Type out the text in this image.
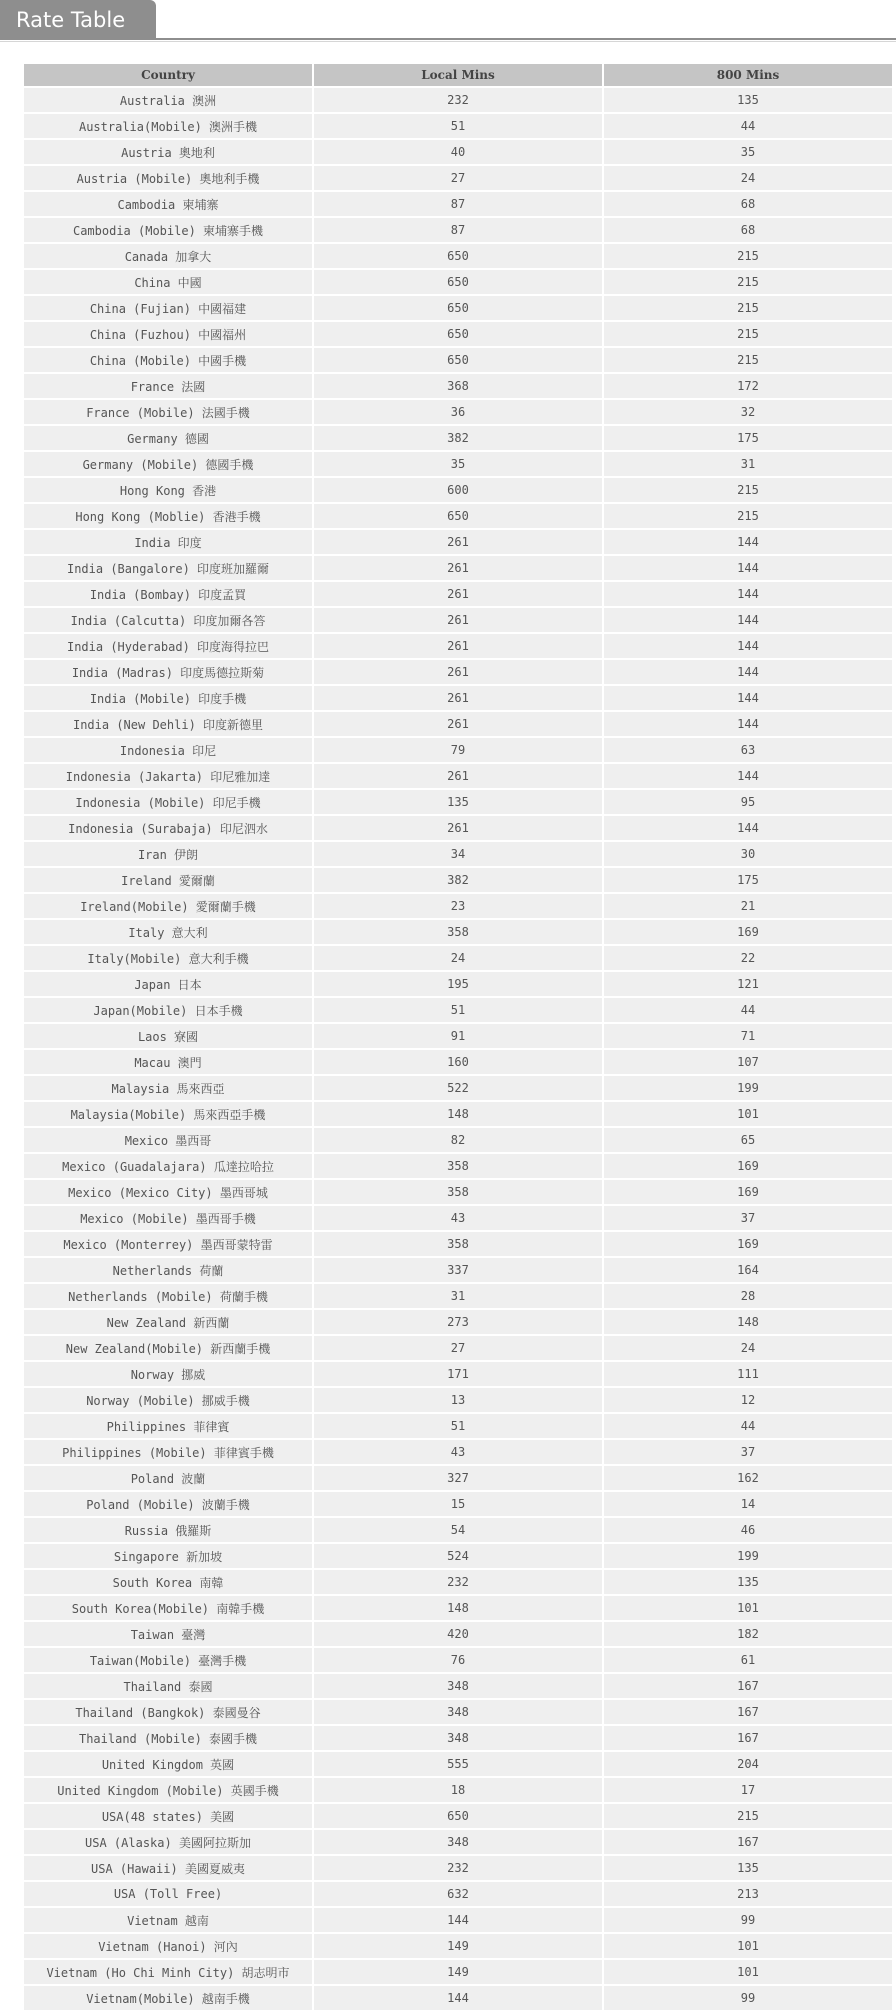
Rate Table
Country	Local Mins	800 Mins
Australia 澳洲	232	135
Australia(Mobile) 澳洲手機	51	44
Austria 奧地利	40	35
Austria (Mobile) 奧地利手機	27	24
Cambodia 柬埔寨	87	68
Cambodia (Mobile) 柬埔寨手機	87	68
Canada 加拿大	650	215
China 中國	650	215
China (Fujian) 中國福建	650	215
China (Fuzhou) 中國福州	650	215
China (Mobile) 中國手機	650	215
France 法國	368	172
France (Mobile) 法國手機	36	32
Germany 德國	382	175
Germany (Mobile) 德國手機	35	31
Hong Kong 香港	600	215
Hong Kong (Moblie) 香港手機	650	215
India 印度	261	144
India (Bangalore) 印度班加羅爾	261	144
India (Bombay) 印度孟買	261	144
India (Calcutta) 印度加爾各答	261	144
India (Hyderabad) 印度海得拉巴	261	144
India (Madras) 印度馬德拉斯菊	261	144
India (Mobile) 印度手機	261	144
India (New Dehli) 印度新德里	261	144
Indonesia 印尼	79	63
Indonesia (Jakarta) 印尼雅加達	261	144
Indonesia (Mobile) 印尼手機	135	95
Indonesia (Surabaja) 印尼泗水	261	144
Iran 伊朗	34	30
Ireland 愛爾蘭	382	175
Ireland(Mobile) 愛爾蘭手機	23	21
Italy 意大利	358	169
Italy(Mobile) 意大利手機	24	22
Japan 日本	195	121
Japan(Mobile) 日本手機	51	44
Laos 寮國	91	71
Macau 澳門	160	107
Malaysia 馬來西亞	522	199
Malaysia(Mobile) 馬來西亞手機	148	101
Mexico 墨西哥	82	65
Mexico (Guadalajara) 瓜達拉哈拉	358	169
Mexico (Mexico City) 墨西哥城	358	169
Mexico (Mobile) 墨西哥手機	43	37
Mexico (Monterrey) 墨西哥蒙特雷	358	169
Netherlands 荷蘭	337	164
Netherlands (Mobile) 荷蘭手機	31	28
New Zealand 新西蘭	273	148
New Zealand(Mobile) 新西蘭手機	27	24
Norway 挪威	171	111
Norway (Mobile) 挪威手機	13	12
Philippines 菲律賓	51	44
Philippines (Mobile) 菲律賓手機	43	37
Poland 波蘭	327	162
Poland (Mobile) 波蘭手機	15	14
Russia 俄羅斯	54	46
Singapore 新加坡	524	199
South Korea 南韓	232	135
South Korea(Mobile) 南韓手機	148	101
Taiwan 臺灣	420	182
Taiwan(Mobile) 臺灣手機	76	61
Thailand 泰國	348	167
Thailand (Bangkok) 泰國曼谷	348	167
Thailand (Mobile) 泰國手機	348	167
United Kingdom 英國	555	204
United Kingdom (Mobile) 英國手機	18	17
USA(48 states) 美國	650	215
USA (Alaska) 美國阿拉斯加	348	167
USA (Hawaii) 美國夏威夷	232	135
USA (Toll Free)	632	213
Vietnam 越南	144	99
Vietnam (Hanoi) 河內	149	101
Vietnam (Ho Chi Minh City) 胡志明市	149	101
Vietnam(Mobile) 越南手機	144	99
